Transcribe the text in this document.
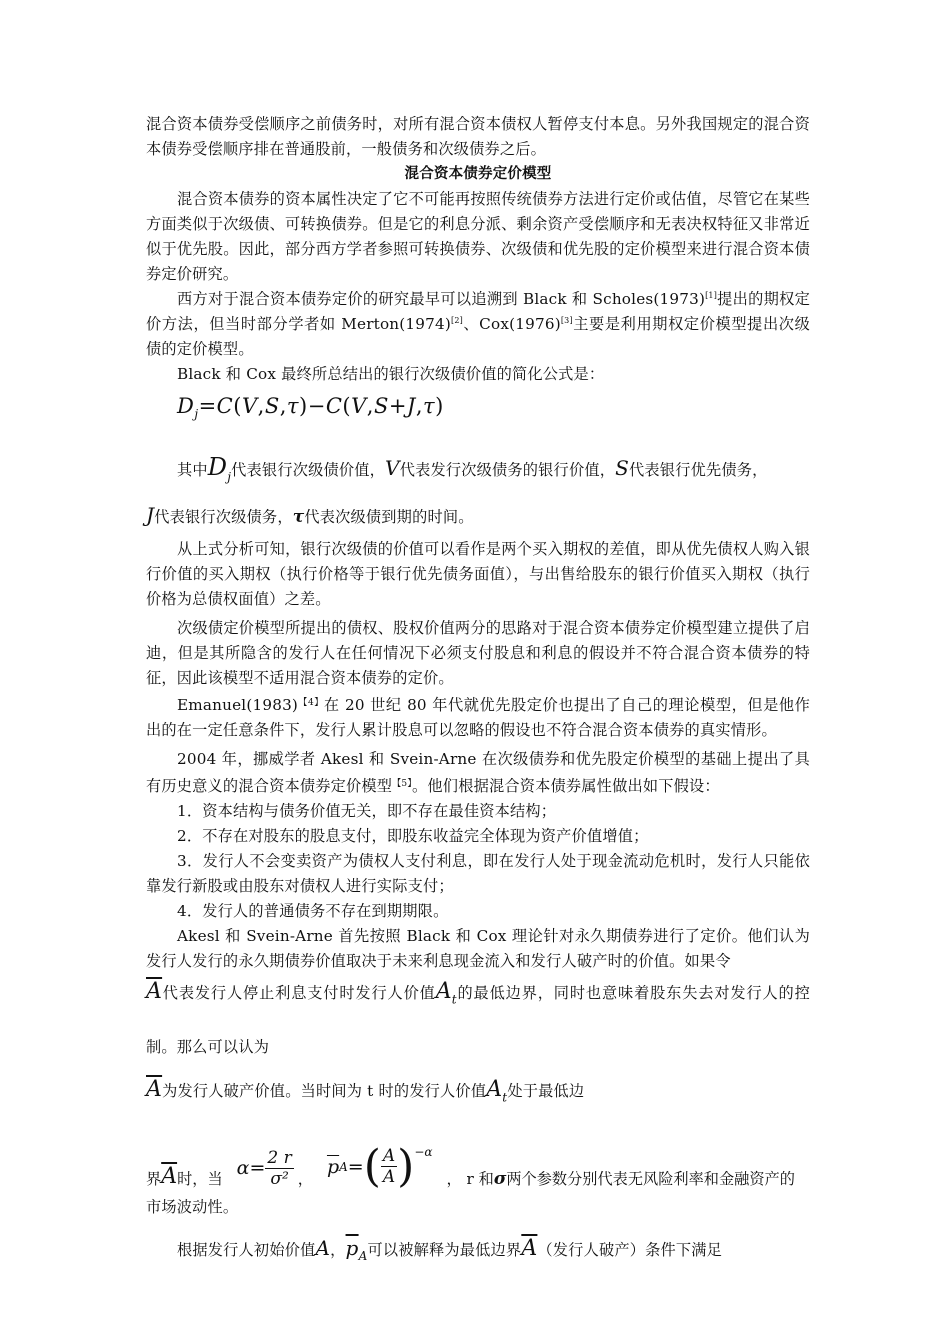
混合资本债券受偿顺序之前债务时，对所有混合资本债权人暂停支付本息。另外我国规定的混合资本债券受偿顺序排在普通股前，一般债务和次级债券之后。

混合资本债券定价模型

混合资本债券的资本属性决定了它不可能再按照传统债券方法进行定价或估值，尽管它在某些方面类似于次级债、可转换债券。但是它的利息分派、剩余资产受偿顺序和无表决权特征又非常近似于优先股。因此，部分西方学者参照可转换债券、次级债和优先股的定价模型来进行混合资本债券定价研究。

西方对于混合资本债券定价的研究最早可以追溯到 Black 和 Scholes(1973)[1]提出的期权定价方法，但当时部分学者如 Merton(1974)[2]、Cox(1976)[3]主要是利用期权定价模型提出次级债的定价模型。

Black 和 Cox 最终所总结出的银行次级债价值的简化公式是：

$D_j=C(V,S,\tau)-C(V,S+J,\tau)$

其中$D_j$代表银行次级债价值，V代表发行次级债务的银行价值，S代表银行优先债务，

J代表银行次级债务，τ代表次级债到期的时间。

从上式分析可知，银行次级债的价值可以看作是两个买入期权的差值，即从优先债权人购入银行价值的买入期权（执行价格等于银行优先债务面值），与出售给股东的银行价值买入期权（执行价格为总债权面值）之差。

次级债定价模型所提出的债权、股权价值两分的思路对于混合资本债券定价模型建立提供了启迪，但是其所隐含的发行人在任何情况下必须支付股息和利息的假设并不符合混合资本债券的特征，因此该模型不适用混合资本债券的定价。

$Emanuel(1983)^{【4】}$在 20 世纪 80 年代就优先股定价也提出了自己的理论模型，但是他作出的在一定任意条件下，发行人累计股息可以忽略的假设也不符合混合资本债券的真实情形。

2004 年，挪威学者 Akesl 和 Svein-Arne 在次级债券和优先股定价模型的基础上提出了具有历史意义的混合资本债券定价模型$^{【5】}$。他们根据混合资本债券属性做出如下假设：

1．资本结构与债务价值无关，即不存在最佳资本结构；

2．不存在对股东的股息支付，即股东收益完全体现为资产价值增值；

3．发行人不会变卖资产为债权人支付利息，即在发行人处于现金流动危机时，发行人只能依靠发行新股或由股东对债权人进行实际支付；

4．发行人的普通债务不存在到期期限。

Akesl 和 Svein-Arne 首先按照 Black 和 Cox 理论针对永久期债券进行了定价。他们认为发行人发行的永久期债券价值取决于未来利息现金流入和发行人破产时的价值。如果令

$\overline{A}$代表发行人停止利息支付时发行人价值$A_t$的最低边界，同时也意味着股东失去对发行人的控制。那么可以认为

$\overline{A}$为发行人破产价值。当时间为 t 时的发行人价值$A_t$处于最低边

界 $\overline{A}$ 时，当 $\alpha= \frac{2 r}{\text{σ²}}$ ，
$\overline{p}$ A = ( $\frac{A}{A} )^{-\alpha}$
， r 和 σ 两个参数分别代表无风险利率和金融资产的

市场波动性。

根据发行人初始价值A，$\overline{p}_A$可以被解释为最低边界$\overline{A}$（发行人破产）条件下满足
